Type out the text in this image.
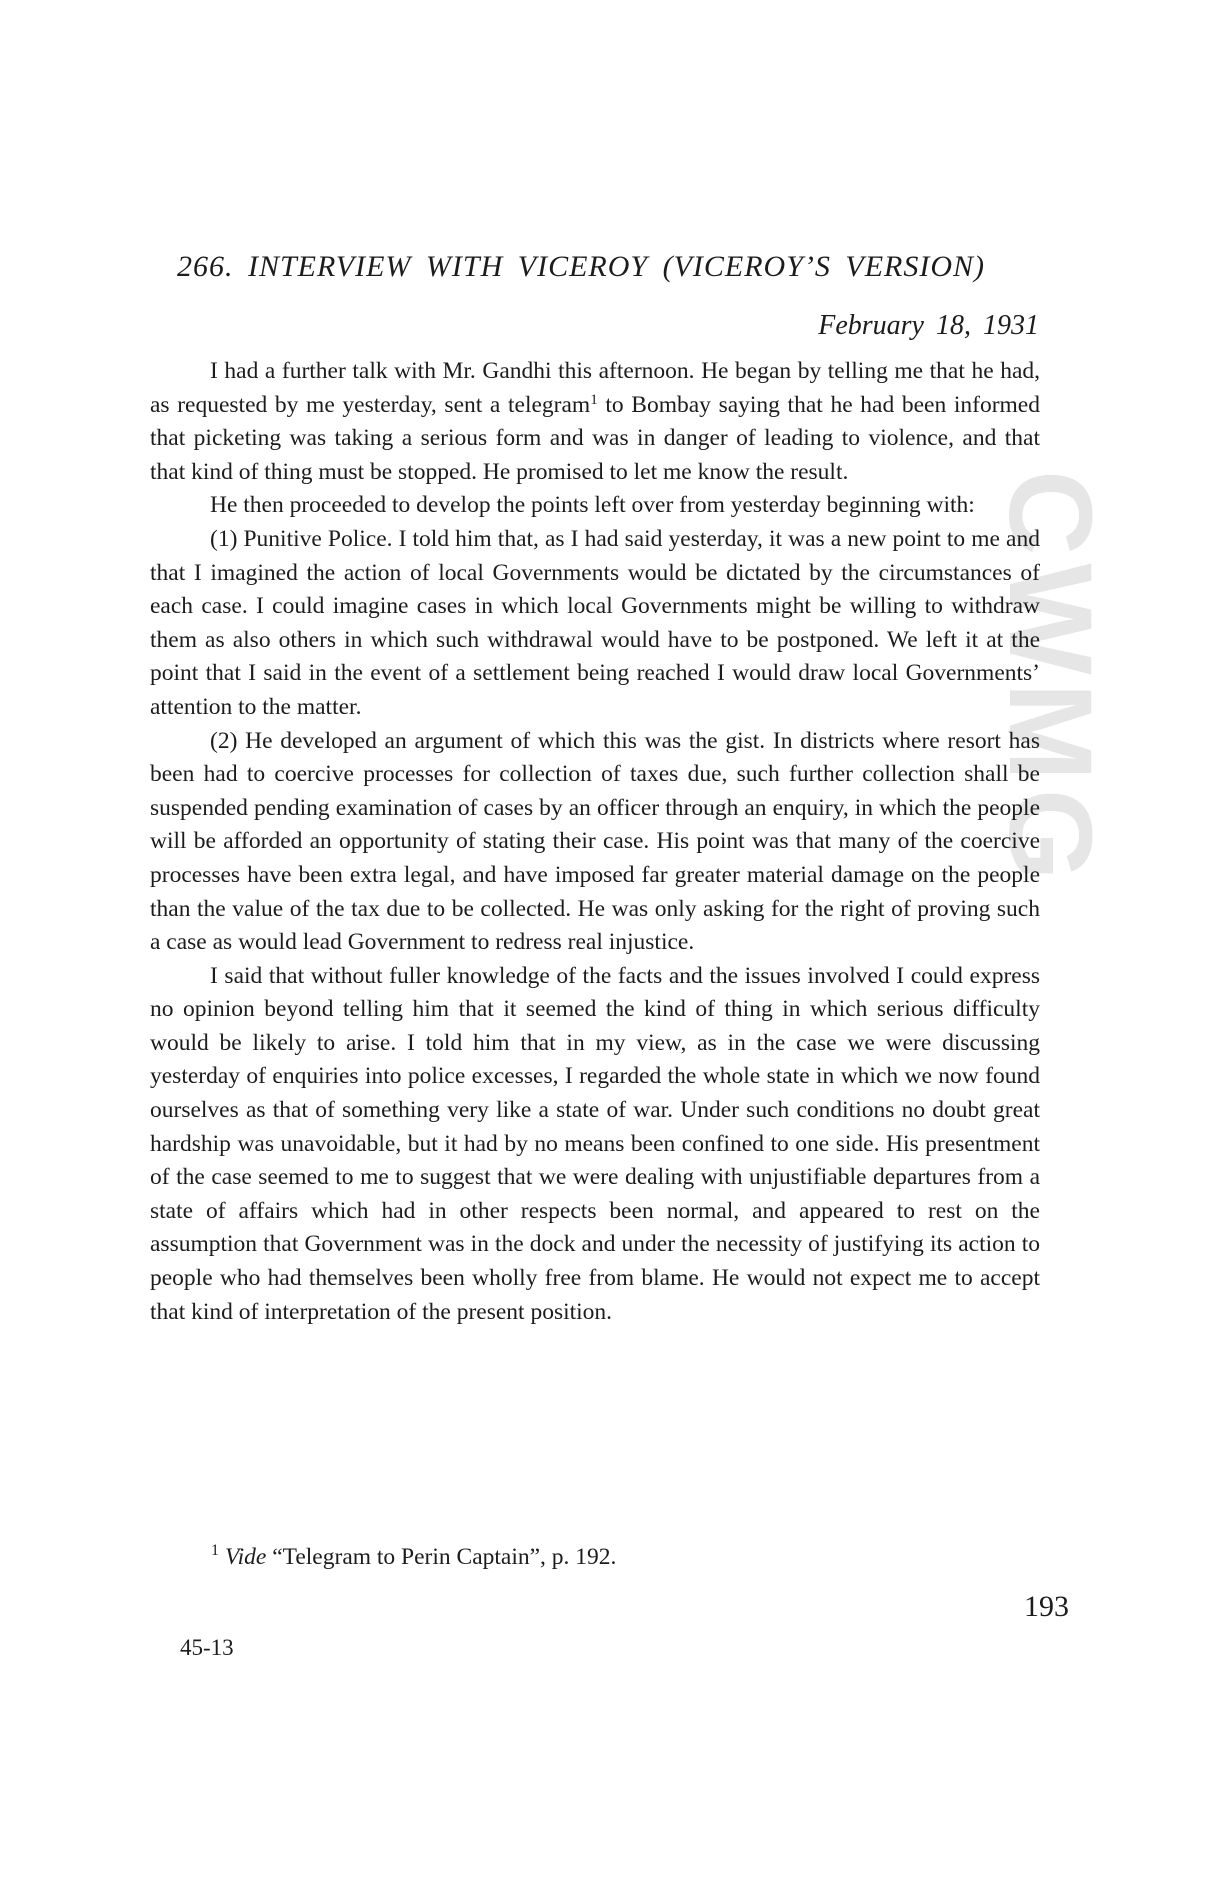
CWMG
266. INTERVIEW WITH VICEROY (VICEROY’S VERSION)
February 18, 1931

I had a further talk with Mr. Gandhi this afternoon. He began by telling me that he had, as requested by me yesterday, sent a telegram$^1$ to Bombay saying that he had been informed that picketing was taking a serious form and was in danger of leading to violence, and that that kind of thing must be stopped. He promised to let me know the result.

He then proceeded to develop the points left over from yesterday beginning with:

(1) Punitive Police. I told him that, as I had said yesterday, it was a new point to me and that I imagined the action of local Governments would be dictated by the circumstances of each case. I could imagine cases in which local Governments might be willing to withdraw them as also others in which such withdrawal would have to be postponed. We left it at the point that I said in the event of a settlement being reached I would draw local Governments’ attention to the matter.

(2) He developed an argument of which this was the gist. In districts where resort has been had to coercive processes for collection of taxes due, such further collection shall be suspended pending examination of cases by an officer through an enquiry, in which the people will be afforded an opportunity of stating their case. His point was that many of the coercive processes have been extra legal, and have imposed far greater material damage on the people than the value of the tax due to be collected. He was only asking for the right of proving such a case as would lead Government to redress real injustice.

I said that without fuller knowledge of the facts and the issues involved I could express no opinion beyond telling him that it seemed the kind of thing in which serious difficulty would be likely to arise. I told him that in my view, as in the case we were discussing yesterday of enquiries into police excesses, I regarded the whole state in which we now found ourselves as that of something very like a state of war. Under such conditions no doubt great hardship was unavoidable, but it had by no means been confined to one side. His presentment of the case seemed to me to suggest that we were dealing with unjustifiable departures from a state of affairs which had in other respects been normal, and appeared to rest on the assumption that Government was in the dock and under the necessity of justifying its action to people who had themselves been wholly free from blame. He would not expect me to accept that kind of interpretation of the present position.

$^1$ Vide “Telegram to Perin Captain”, p. 192.
193
45-13
